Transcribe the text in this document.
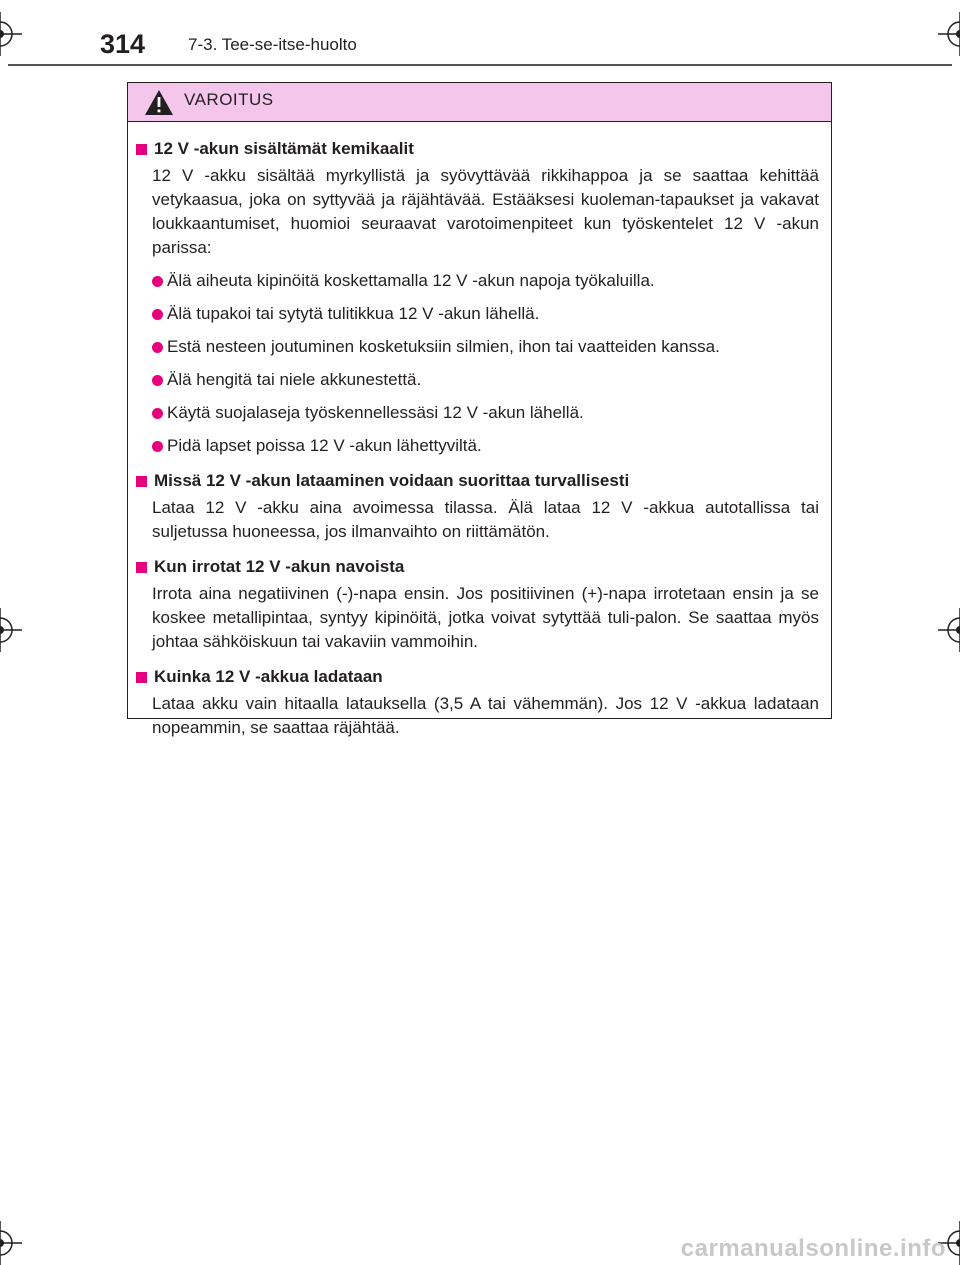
314	7-3. Tee-se-itse-huolto
VAROITUS
12 V -akun sisältämät kemikaalit
12 V -akku sisältää myrkyllistä ja syövyttävää rikkihappoa ja se saattaa kehittää vetykaasua, joka on syttyvää ja räjähtävää. Estääksesi kuoleman-tapaukset ja vakavat loukkaantumiset, huomioi seuraavat varotoimenpiteet kun työskentelet 12 V -akun parissa:
Älä aiheuta kipinöitä koskettamalla 12 V -akun napoja työkaluilla.
Älä tupakoi tai sytytä tulitikkua 12 V -akun lähellä.
Estä nesteen joutuminen kosketuksiin silmien, ihon tai vaatteiden kanssa.
Älä hengitä tai niele akkunestettä.
Käytä suojalaseja työskennellessäsi 12 V -akun lähellä.
Pidä lapset poissa 12 V -akun lähettyviltä.
Missä 12 V -akun lataaminen voidaan suorittaa turvallisesti
Lataa 12 V -akku aina avoimessa tilassa. Älä lataa 12 V -akkua autotallissa tai suljetussa huoneessa, jos ilmanvaihto on riittämätön.
Kun irrotat 12 V -akun navoista
Irrota aina negatiivinen (-)-napa ensin. Jos positiivinen (+)-napa irrotetaan ensin ja se koskee metallipintaa, syntyy kipinöitä, jotka voivat sytyttää tuli-palon. Se saattaa myös johtaa sähköiskuun tai vakaviin vammoihin.
Kuinka 12 V -akkua ladataan
Lataa akku vain hitaalla latauksella (3,5 A tai vähemmän). Jos 12 V -akkua ladataan nopeammin, se saattaa räjähtää.
carmanualsonline.info
